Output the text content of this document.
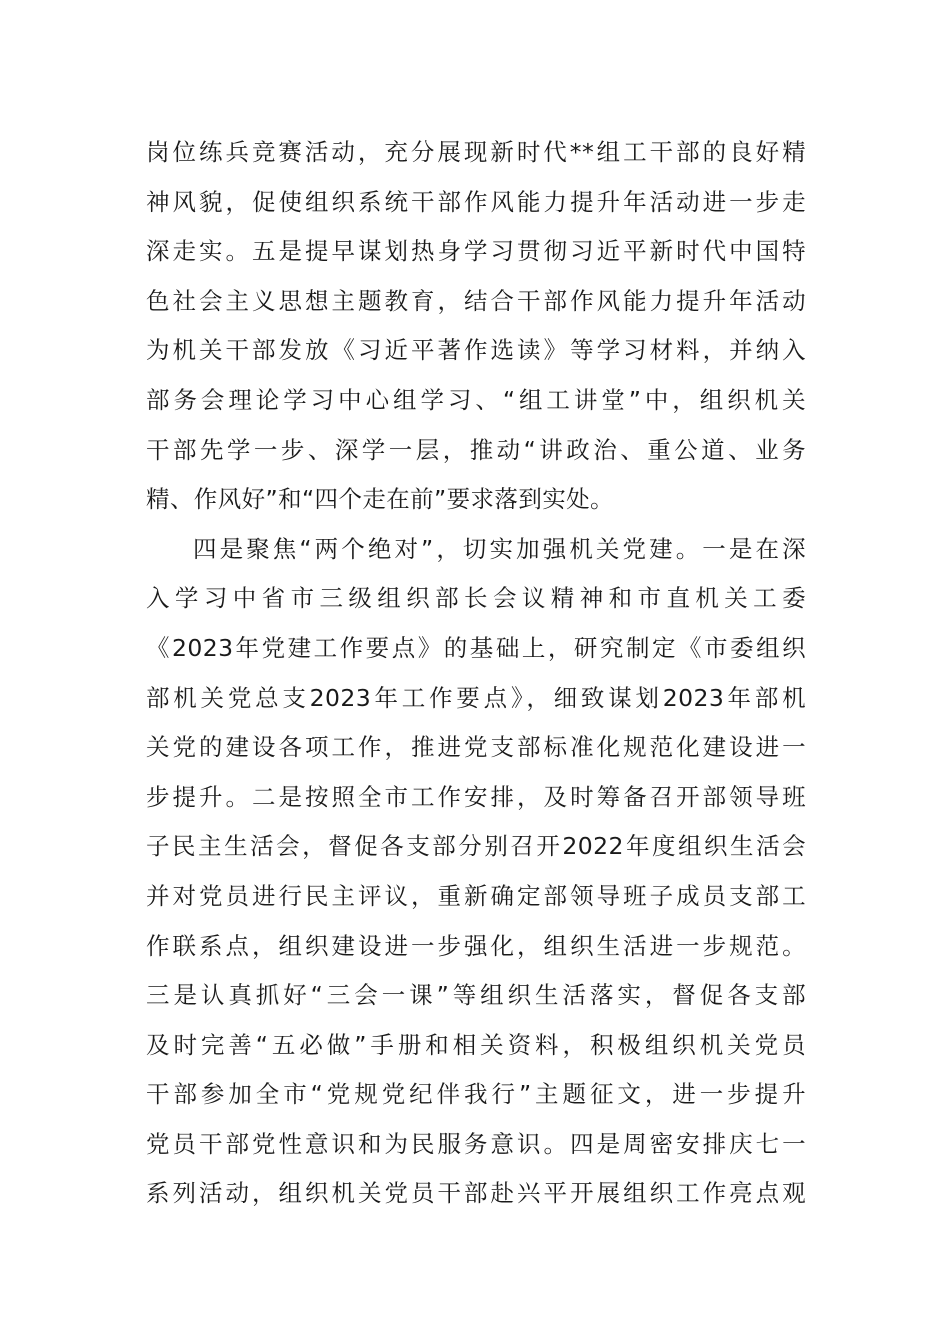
岗位练兵竞赛活动，充分展现新时代**组工干部的良好精
神风貌，促使组织系统干部作风能力提升年活动进一步走
深走实。五是提早谋划热身学习贯彻习近平新时代中国特
色社会主义思想主题教育，结合干部作风能力提升年活动
为机关干部发放《习近平著作选读》等学习材料，并纳入
部务会理论学习中心组学习、“组工讲堂”中，组织机关
干部先学一步、深学一层，推动“讲政治、重公道、业务
精、作风好”和“四个走在前”要求落到实处。
四是聚焦“两个绝对”，切实加强机关党建。一是在深
入学习中省市三级组织部长会议精神和市直机关工委
《2023年党建工作要点》的基础上，研究制定《市委组织
部机关党总支2023年工作要点》，细致谋划2023年部机
关党的建设各项工作，推进党支部标准化规范化建设进一
步提升。二是按照全市工作安排，及时筹备召开部领导班
子民主生活会，督促各支部分别召开2022年度组织生活会
并对党员进行民主评议，重新确定部领导班子成员支部工
作联系点，组织建设进一步强化，组织生活进一步规范。
三是认真抓好“三会一课”等组织生活落实，督促各支部
及时完善“五必做”手册和相关资料，积极组织机关党员
干部参加全市“党规党纪伴我行”主题征文，进一步提升
党员干部党性意识和为民服务意识。四是周密安排庆七一
系列活动，组织机关党员干部赴兴平开展组织工作亮点观
